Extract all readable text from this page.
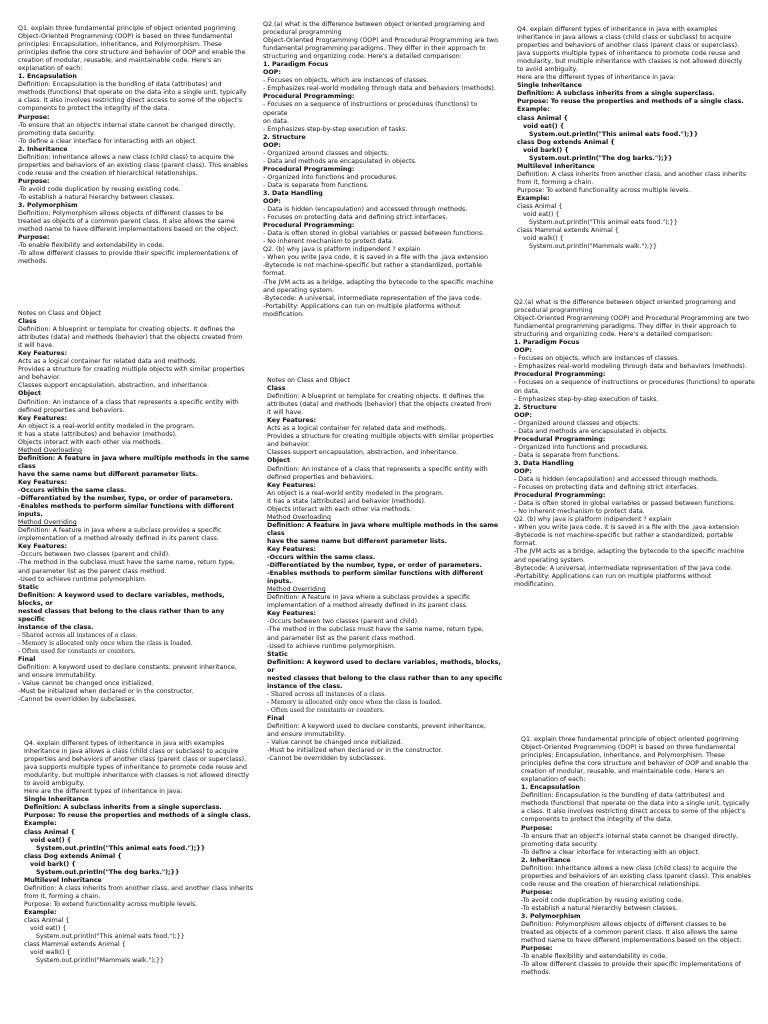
Q1. explain three fundamental principle of object oriented pogriming
Object-Oriented Programming (OOP) is based on three fundamental
principles: Encapsulation, Inheritance, and Polymorphism. These
principles define the core structure and behavior of OOP and enable the
creation of modular, reusable, and maintainable code. Here's an
explanation of each:
1. Encapsulation
Definition: Encapsulation is the bundling of data (attributes) and
methods (functions) that operate on the data into a single unit, typically
a class. It also involves restricting direct access to some of the object's
components to protect the integrity of the data.
Purpose:
-To ensure that an object's internal state cannot be changed directly,
promoting data security.
-To define a clear interface for interacting with an object.
2. Inheritance
Definition: Inheritance allows a new class (child class) to acquire the
properties and behaviors of an existing class (parent class). This enables
code reuse and the creation of hierarchical relationships.
Purpose:
-To avoid code duplication by reusing existing code.
-To establish a natural hierarchy between classes.
3. Polymorphism
Definition: Polymorphism allows objects of different classes to be
treated as objects of a common parent class. It also allows the same
method name to have different implementations based on the object.
Purpose:
-To enable flexibility and extendability in code.
-To allow different classes to provide their specific implementations of
methods.
Q2.(a) what is the difference between object oriented programing and
procedural programming
Object-Oriented Programming (OOP) and Procedural Programming are two
fundamental programming paradigms. They differ in their approach to
structuring and organizing code. Here's a detailed comparison:
1. Paradigm Focus
OOP:
- Focuses on objects, which are instances of classes.
- Emphasizes real-world modeling through data and behaviors (methods).
Procedural Programming:
- Focuses on a sequence of instructions or procedures (functions) to operate
on data.
- Emphasizes step-by-step execution of tasks.
2. Structure
OOP:
- Organized around classes and objects.
- Data and methods are encapsulated in objects.
Procedural Programming:
- Organized into functions and procedures.
- Data is separate from functions.
3. Data Handling
OOP:
- Data is hidden (encapsulation) and accessed through methods.
- Focuses on protecting data and defining strict interfaces.
Procedural Programming:
- Data is often stored in global variables or passed between functions.
- No inherent mechanism to protect data.
Q2. (b) why java is platform indipendent ? explain
- When you write Java code, it is saved in a file with the .java extension
-Bytecode is not machine-specific but rather a standardized, portable
format.
-The JVM acts as a bridge, adapting the bytecode to the specific machine
and operating system.
-Bytecode: A universal, intermediate representation of the Java code.
-Portability: Applications can run on multiple platforms without
modification.
Q4. explain different types of inheritance in java with examples
Inheritance in Java allows a class (child class or subclass) to acquire
properties and behaviors of another class (parent class or superclass).
Java supports multiple types of inheritance to promote code reuse and
modularity, but multiple inheritance with classes is not allowed directly
to avoid ambiguity.
Here are the different types of inheritance in Java:
Single Inheritance
Definition: A subclass inherits from a single superclass.
Purpose: To reuse the properties and methods of a single class.
Example:
class Animal {
void eat() {
System.out.println("This animal eats food.");}}
class Dog extends Animal {
void bark() {
System.out.println("The dog barks.");}}
Multilevel Inheritance
Definition: A class inherits from another class, and another class inherits
from it, forming a chain.
Purpose: To extend functionality across multiple levels.
Example:
class Animal {
void eat() {
System.out.println("This animal eats food.");}}
class Mammal extends Animal {
void walk() {
System.out.println("Mammals walk.");}}
Notes on Class and Object
Class
Definition: A blueprint or template for creating objects. It defines the
attributes (data) and methods (behavior) that the objects created from
it will have.
Key Features:
Acts as a logical container for related data and methods.
Provides a structure for creating multiple objects with similar properties
and behavior.
Classes support encapsulation, abstraction, and inheritance.
Object
Definition: An instance of a class that represents a specific entity with
defined properties and behaviors.
Key Features:
An object is a real-world entity modeled in the program.
It has a state (attributes) and behavior (methods).
Objects interact with each other via methods.
Method Overloading
Definition: A feature in Java where multiple methods in the same class
have the same name but different parameter lists.
Key Features:
-Occurs within the same class.
-Differentiated by the number, type, or order of parameters.
-Enables methods to perform similar functions with different inputs.
Method Overriding
Definition: A feature in Java where a subclass provides a specific
implementation of a method already defined in its parent class.
Key Features:
-Occurs between two classes (parent and child).
-The method in the subclass must have the same name, return type,
and parameter list as the parent class method.
-Used to achieve runtime polymorphism.
Static
Definition: A keyword used to declare variables, methods, blocks, or
nested classes that belong to the class rather than to any specific
instance of the class.
- Shared across all instances of a class.
- Memory is allocated only once when the class is loaded.
- Often used for constants or counters.
Final
Definition: A keyword used to declare constants, prevent inheritance,
and ensure immutability.
- Value cannot be changed once initialized.
-Must be initialized when declared or in the constructor.
-Cannot be overridden by subclasses.
Notes on Class and Object
Class
Definition: A blueprint or template for creating objects. It defines the
attributes (data) and methods (behavior) that the objects created from
it will have.
Key Features:
Acts as a logical container for related data and methods.
Provides a structure for creating multiple objects with similar properties
and behavior.
Classes support encapsulation, abstraction, and inheritance.
Object
Definition: An instance of a class that represents a specific entity with
defined properties and behaviors.
Key Features:
An object is a real-world entity modeled in the program.
It has a state (attributes) and behavior (methods).
Objects interact with each other via methods.
Method Overloading
Definition: A feature in Java where multiple methods in the same class
have the same name but different parameter lists.
Key Features:
-Occurs within the same class.
-Differentiated by the number, type, or order of parameters.
-Enables methods to perform similar functions with different inputs.
Method Overriding
Definition: A feature in Java where a subclass provides a specific
implementation of a method already defined in its parent class.
Key Features:
-Occurs between two classes (parent and child).
-The method in the subclass must have the same name, return type,
and parameter list as the parent class method.
-Used to achieve runtime polymorphism.
Static
Definition: A keyword used to declare variables, methods, blocks, or
nested classes that belong to the class rather than to any specific
instance of the class.
- Shared across all instances of a class.
- Memory is allocated only once when the class is loaded.
- Often used for constants or counters.
Final
Definition: A keyword used to declare constants, prevent inheritance,
and ensure immutability.
- Value cannot be changed once initialized.
-Must be initialized when declared or in the constructor.
-Cannot be overridden by subclasses.
Q2.(a) what is the difference between object oriented programing and
procedural programming
Object-Oriented Programming (OOP) and Procedural Programming are two
fundamental programming paradigms. They differ in their approach to
structuring and organizing code. Here's a detailed comparison:
1. Paradigm Focus
OOP:
- Focuses on objects, which are instances of classes.
- Emphasizes real-world modeling through data and behaviors (methods).
Procedural Programming:
- Focuses on a sequence of instructions or procedures (functions) to operate
on data.
- Emphasizes step-by-step execution of tasks.
2. Structure
OOP:
- Organized around classes and objects.
- Data and methods are encapsulated in objects.
Procedural Programming:
- Organized into functions and procedures.
- Data is separate from functions.
3. Data Handling
OOP:
- Data is hidden (encapsulation) and accessed through methods.
- Focuses on protecting data and defining strict interfaces.
Procedural Programming:
- Data is often stored in global variables or passed between functions.
- No inherent mechanism to protect data.
Q2. (b) why java is platform indipendent ? explain
- When you write Java code, it is saved in a file with the .java extension
-Bytecode is not machine-specific but rather a standardized, portable
format.
-The JVM acts as a bridge, adapting the bytecode to the specific machine
and operating system.
-Bytecode: A universal, intermediate representation of the Java code.
-Portability: Applications can run on multiple platforms without
modification.
Q4. explain different types of inheritance in java with examples
Inheritance in Java allows a class (child class or subclass) to acquire
properties and behaviors of another class (parent class or superclass).
Java supports multiple types of inheritance to promote code reuse and
modularity, but multiple inheritance with classes is not allowed directly
to avoid ambiguity.
Here are the different types of inheritance in Java:
Single Inheritance
Definition: A subclass inherits from a single superclass.
Purpose: To reuse the properties and methods of a single class.
Example:
class Animal {
void eat() {
System.out.println("This animal eats food.");}}
class Dog extends Animal {
void bark() {
System.out.println("The dog barks.");}}
Multilevel Inheritance
Definition: A class inherits from another class, and another class inherits
from it, forming a chain.
Purpose: To extend functionality across multiple levels.
Example:
class Animal {
void eat() {
System.out.println("This animal eats food.");}}
class Mammal extends Animal {
void walk() {
System.out.println("Mammals walk.");}}
Q1. explain three fundamental principle of object oriented pogriming
Object-Oriented Programming (OOP) is based on three fundamental
principles: Encapsulation, Inheritance, and Polymorphism. These
principles define the core structure and behavior of OOP and enable the
creation of modular, reusable, and maintainable code. Here's an
explanation of each:
1. Encapsulation
Definition: Encapsulation is the bundling of data (attributes) and
methods (functions) that operate on the data into a single unit, typically
a class. It also involves restricting direct access to some of the object's
components to protect the integrity of the data.
Purpose:
-To ensure that an object's internal state cannot be changed directly,
promoting data security.
-To define a clear interface for interacting with an object.
2. Inheritance
Definition: Inheritance allows a new class (child class) to acquire the
properties and behaviors of an existing class (parent class). This enables
code reuse and the creation of hierarchical relationships.
Purpose:
-To avoid code duplication by reusing existing code.
-To establish a natural hierarchy between classes.
3. Polymorphism
Definition: Polymorphism allows objects of different classes to be
treated as objects of a common parent class. It also allows the same
method name to have different implementations based on the object.
Purpose:
-To enable flexibility and extendability in code.
-To allow different classes to provide their specific implementations of
methods.
